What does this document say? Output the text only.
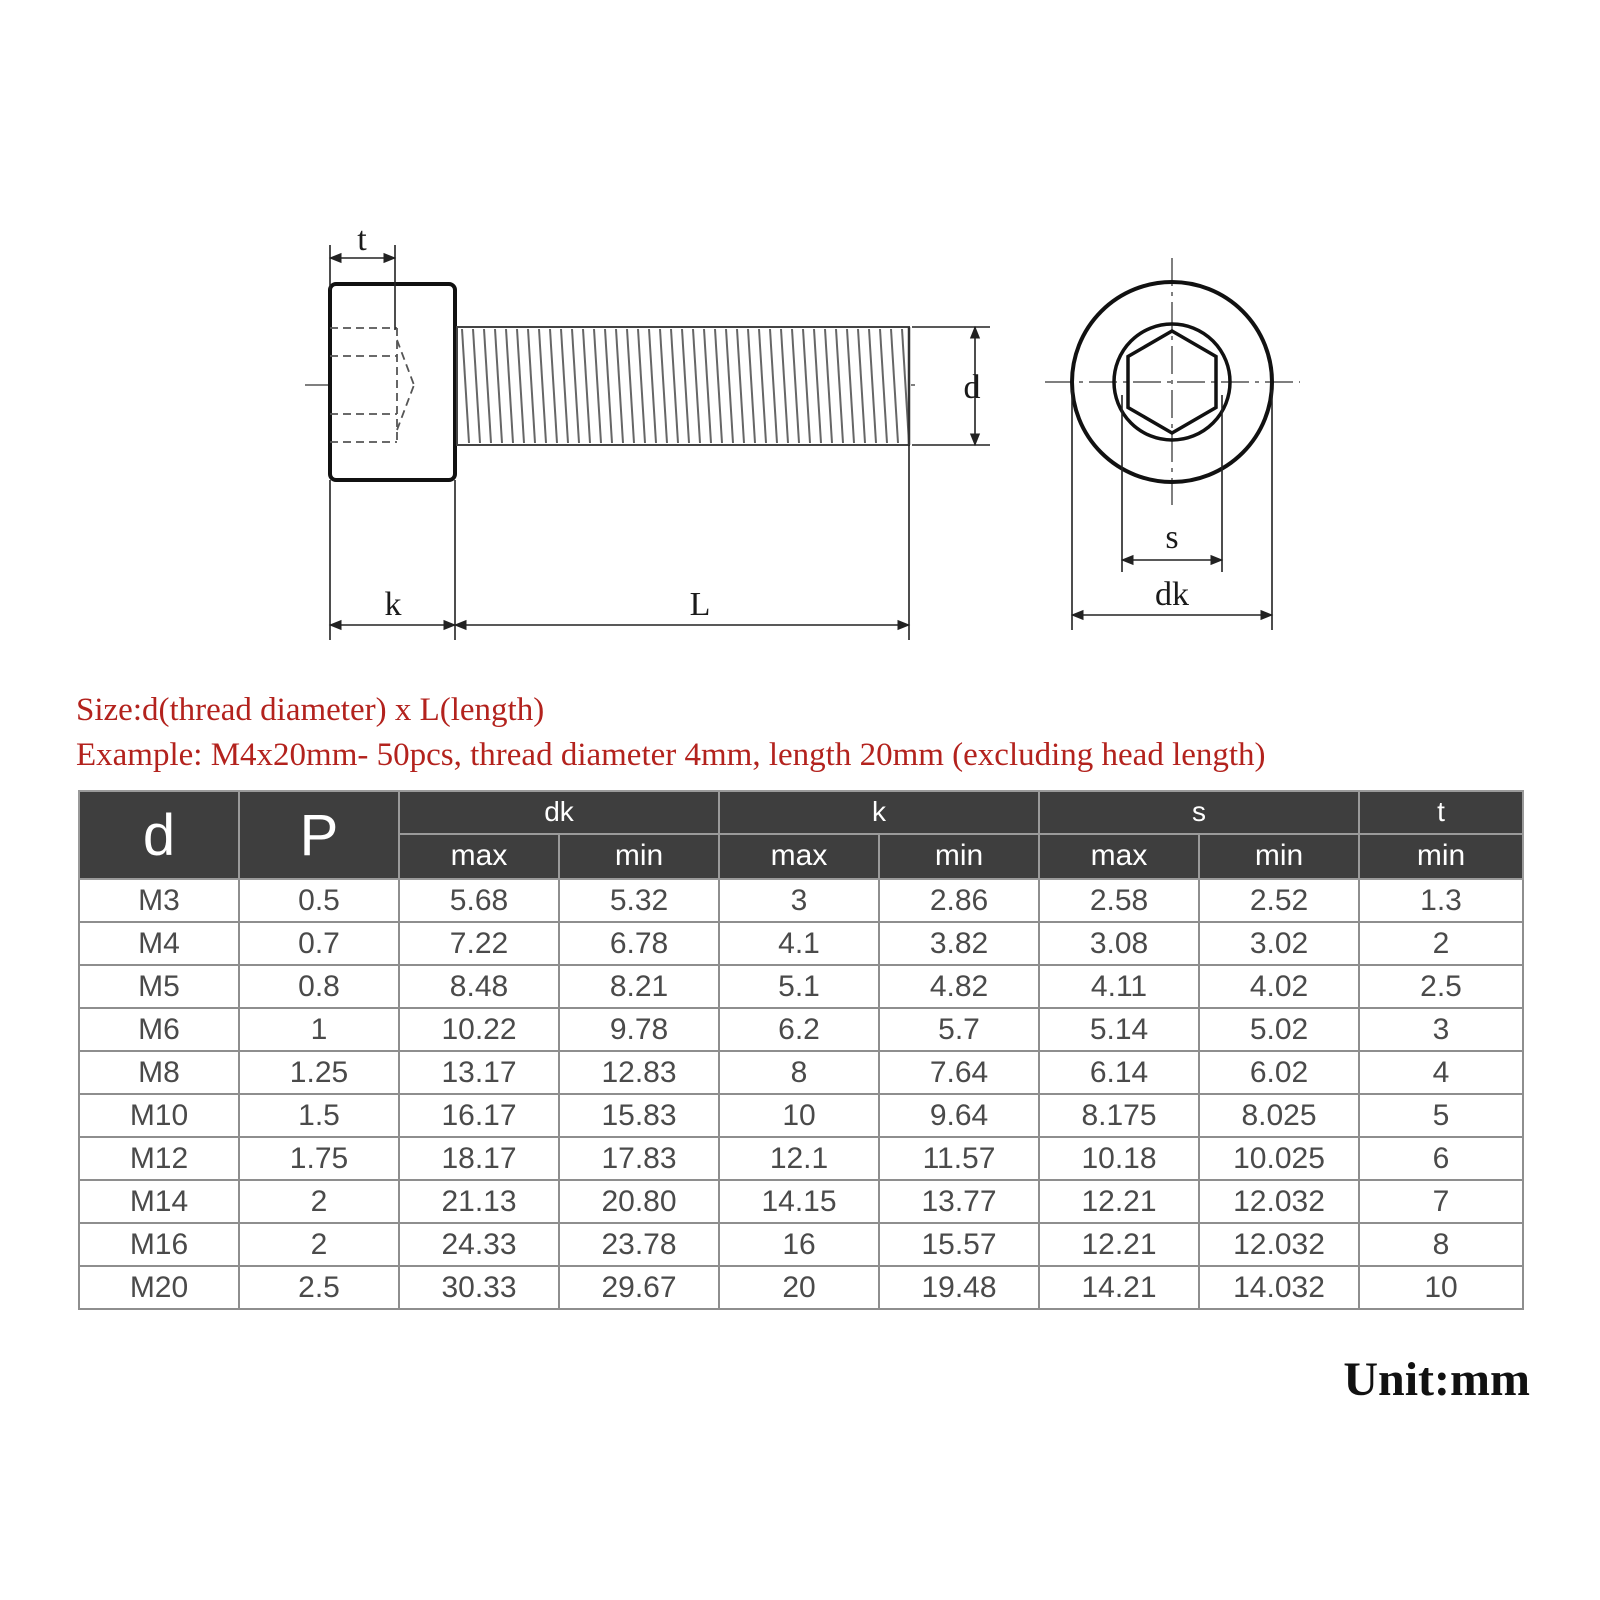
t
d
k	L
s
dk
Size:d(thread diameter) x L(length)
Example: M4x20mm- 50pcs, thread diameter 4mm, length 20mm (excluding head length)
d	P	dk		k		s		t
		max	min	max	min	max	min	min
M3	0.5	5.68	5.32	3	2.86	2.58	2.52	1.3
M4	0.7	7.22	6.78	4.1	3.82	3.08	3.02	2
M5	0.8	8.48	8.21	5.1	4.82	4.11	4.02	2.5
M6	1	10.22	9.78	6.2	5.7	5.14	5.02	3
M8	1.25	13.17	12.83	8	7.64	6.14	6.02	4
M10	1.5	16.17	15.83	10	9.64	8.175	8.025	5
M12	1.75	18.17	17.83	12.1	11.57	10.18	10.025	6
M14	2	21.13	20.80	14.15	13.77	12.21	12.032	7
M16	2	24.33	23.78	16	15.57	12.21	12.032	8
M20	2.5	30.33	29.67	20	19.48	14.21	14.032	10
Unit:mm
